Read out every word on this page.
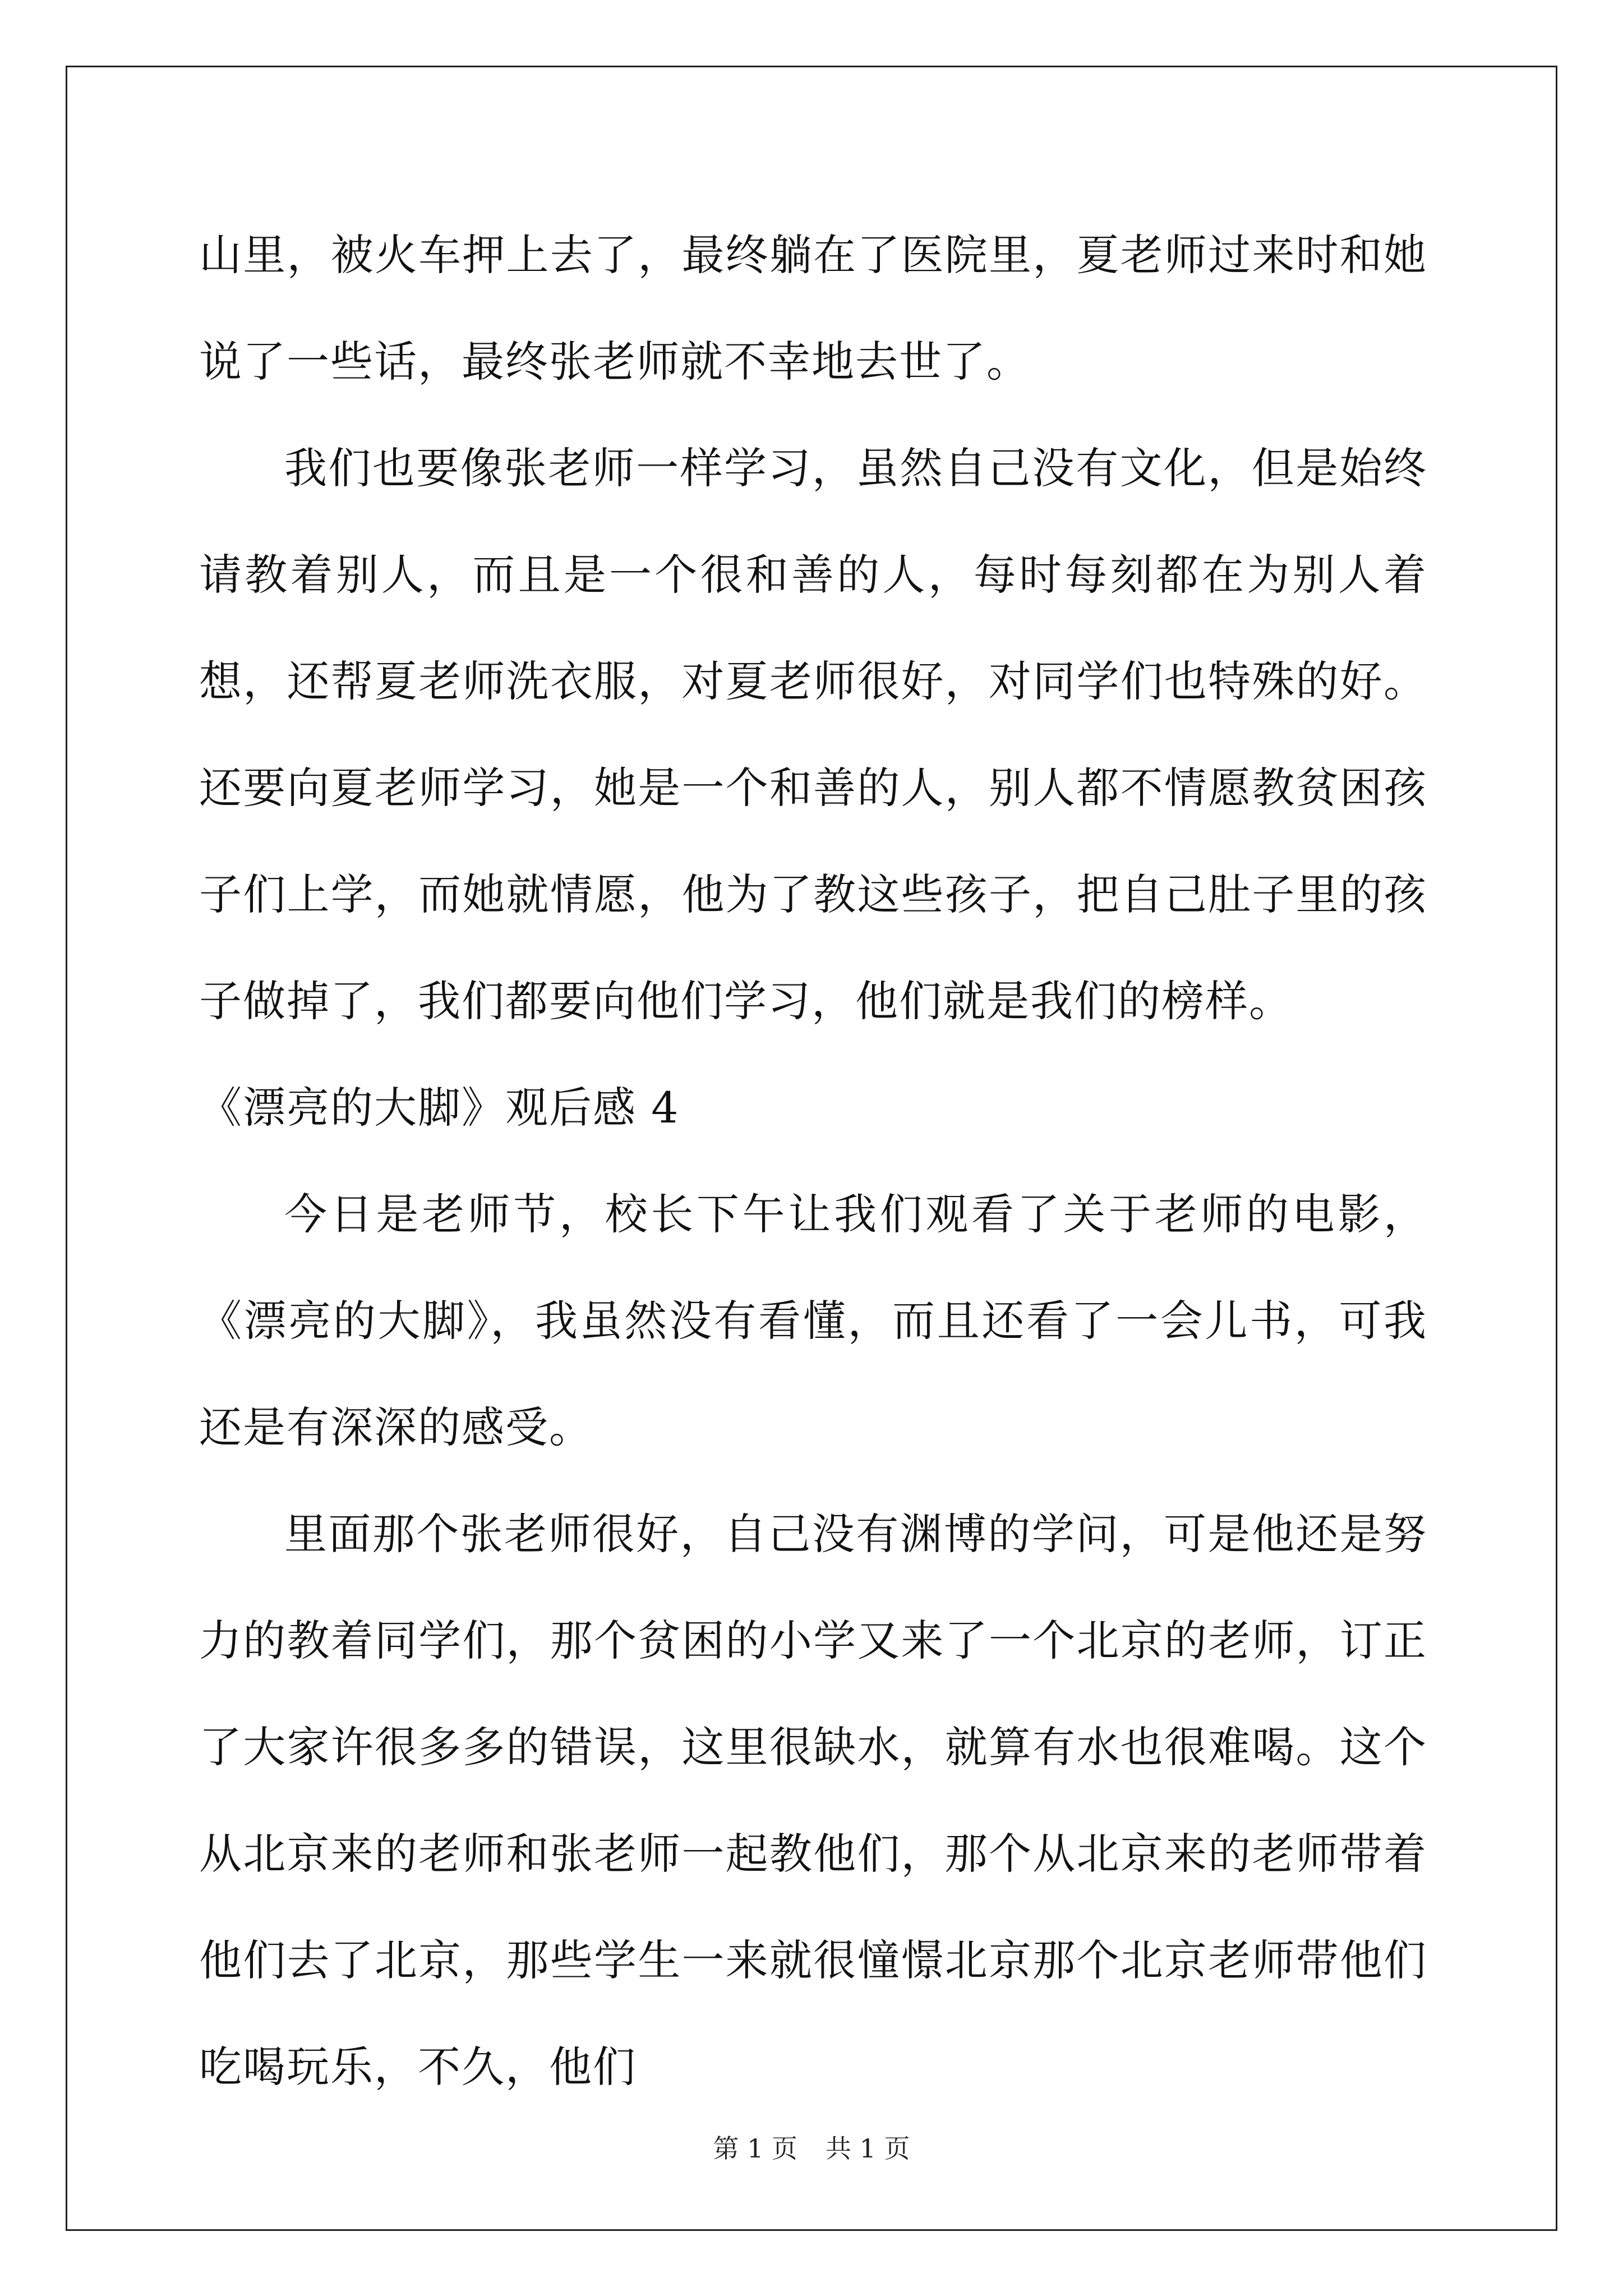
山里，被火车押上去了，最终躺在了医院里，夏老师过来时和她说了一些话，最终张老师就不幸地去世了。

我们也要像张老师一样学习，虽然自己没有文化，但是始终请教着别人，而且是一个很和善的人，每时每刻都在为别人着想，还帮夏老师洗衣服，对夏老师很好，对同学们也特殊的好。还要向夏老师学习，她是一个和善的人，别人都不情愿教贫困孩子们上学，而她就情愿，他为了教这些孩子，把自己肚子里的孩子做掉了，我们都要向他们学习，他们就是我们的榜样。

《漂亮的大脚》观后感 4

今日是老师节，校长下午让我们观看了关于老师的电影，《漂亮的大脚》，我虽然没有看懂，而且还看了一会儿书，可我还是有深深的感受。

里面那个张老师很好，自己没有渊博的学问，可是他还是努力的教着同学们，那个贫困的小学又来了一个北京的老师，订正了大家许很多多的错误，这里很缺水，就算有水也很难喝。这个从北京来的老师和张老师一起教他们，那个从北京来的老师带着他们去了北京，那些学生一来就很憧憬北京那个北京老师带他们吃喝玩乐，不久，他们

第 1 页 共 1 页
